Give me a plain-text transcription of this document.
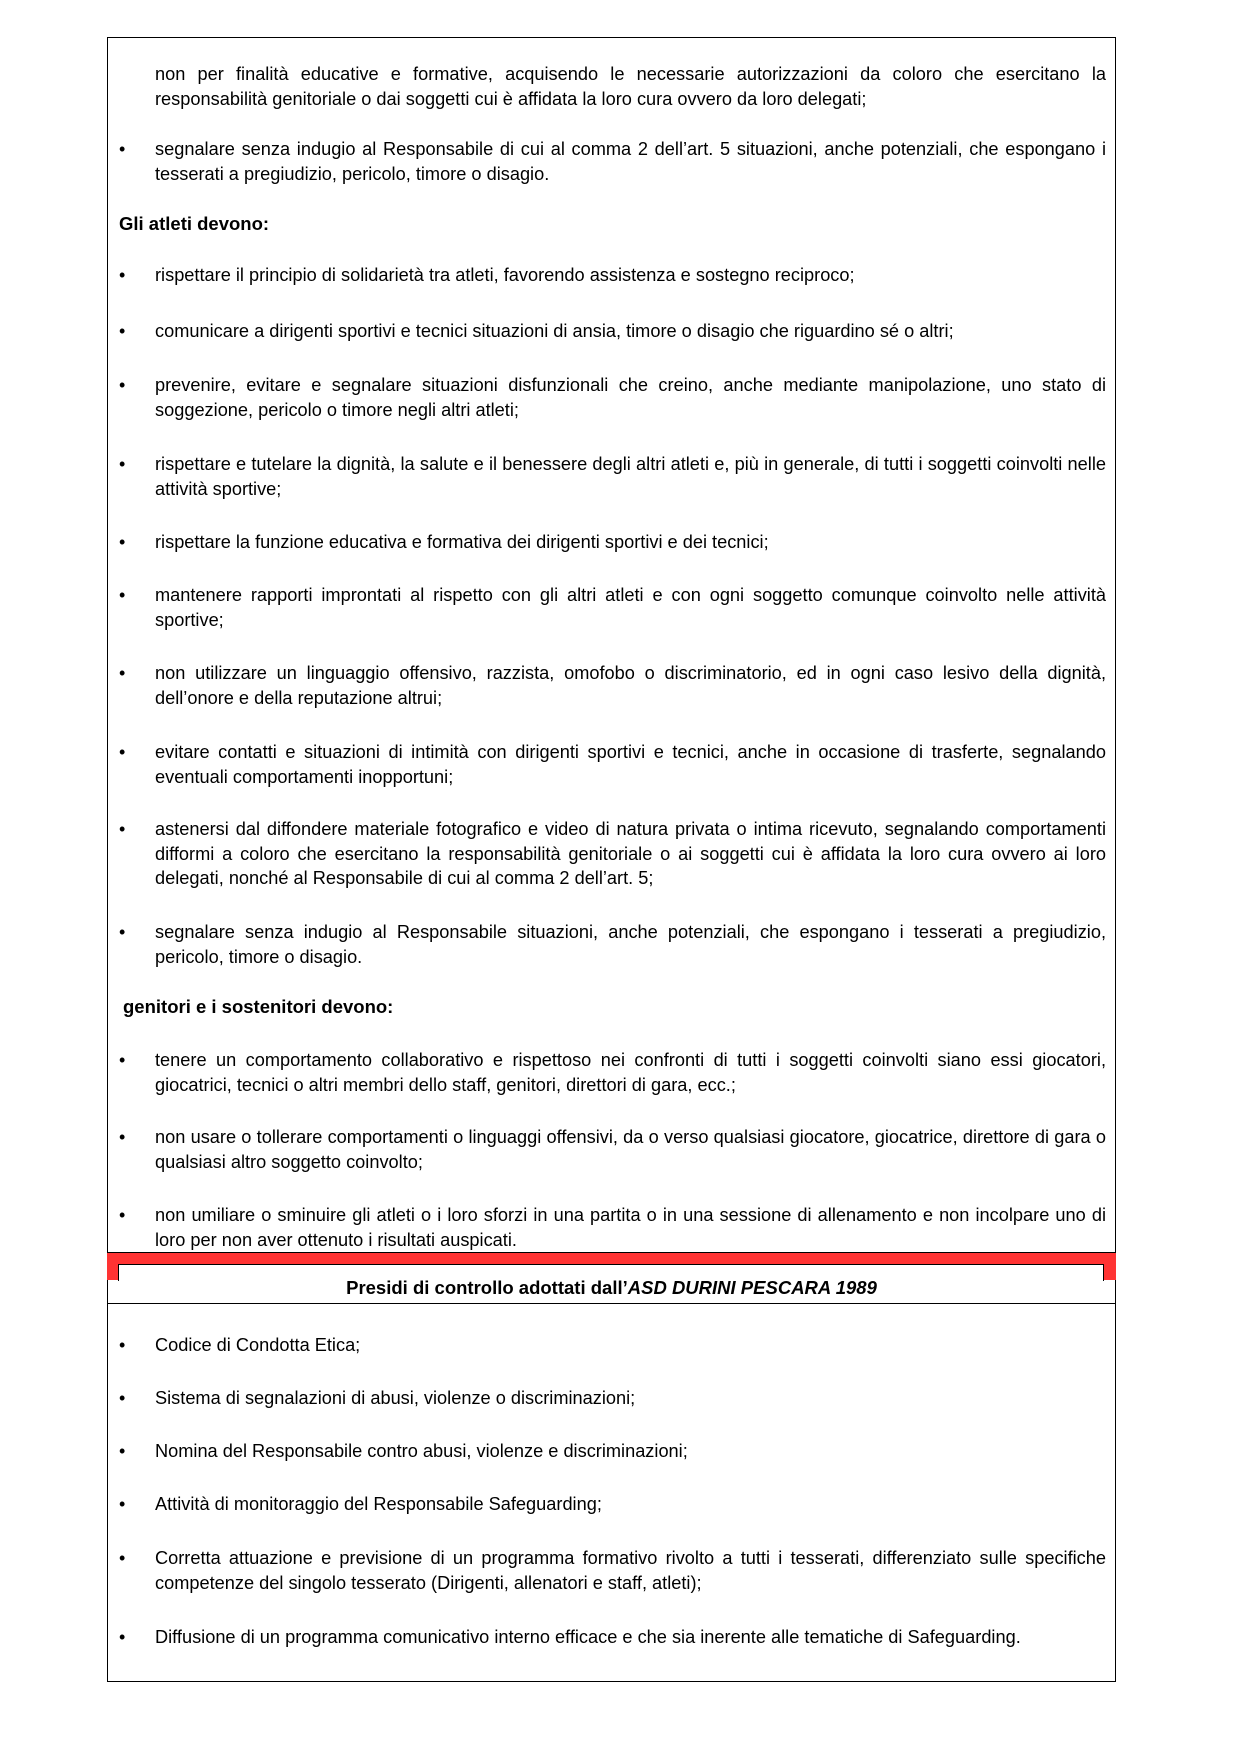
non per finalità educative e formative, acquisendo le necessarie autorizzazioni da coloro che esercitano la responsabilità genitoriale o dai soggetti cui è affidata la loro cura ovvero da loro delegati;

• segnalare senza indugio al Responsabile di cui al comma 2 dell’art. 5 situazioni, anche potenziali, che espongano i tesserati a pregiudizio, pericolo, timore o disagio.

Gli atleti devono:

• rispettare il principio di solidarietà tra atleti, favorendo assistenza e sostegno reciproco;

• comunicare a dirigenti sportivi e tecnici situazioni di ansia, timore o disagio che riguardino sé o altri;

• prevenire, evitare e segnalare situazioni disfunzionali che creino, anche mediante manipolazione, uno stato di soggezione, pericolo o timore negli altri atleti;

• rispettare e tutelare la dignità, la salute e il benessere degli altri atleti e, più in generale, di tutti i soggetti coinvolti nelle attività sportive;

• rispettare la funzione educativa e formativa dei dirigenti sportivi e dei tecnici;

• mantenere rapporti improntati al rispetto con gli altri atleti e con ogni soggetto comunque coinvolto nelle attività sportive;

• non utilizzare un linguaggio offensivo, razzista, omofobo o discriminatorio, ed in ogni caso lesivo della dignità, dell’onore e della reputazione altrui;

• evitare contatti e situazioni di intimità con dirigenti sportivi e tecnici, anche in occasione di trasferte, segnalando eventuali comportamenti inopportuni;

• astenersi dal diffondere materiale fotografico e video di natura privata o intima ricevuto, segnalando comportamenti difformi a coloro che esercitano la responsabilità genitoriale o ai soggetti cui è affidata la loro cura ovvero ai loro delegati, nonché al Responsabile di cui al comma 2 dell’art. 5;

• segnalare senza indugio al Responsabile situazioni, anche potenziali, che espongano i tesserati a pregiudizio, pericolo, timore o disagio.

genitori e i sostenitori devono:

• tenere un comportamento collaborativo e rispettoso nei confronti di tutti i soggetti coinvolti siano essi giocatori, giocatrici, tecnici o altri membri dello staff, genitori, direttori di gara, ecc.;

• non usare o tollerare comportamenti o linguaggi offensivi, da o verso qualsiasi giocatore, giocatrice, direttore di gara o qualsiasi altro soggetto coinvolto;

• non umiliare o sminuire gli atleti o i loro sforzi in una partita o in una sessione di allenamento e non incolpare uno di loro per non aver ottenuto i risultati auspicati.

Presidi di controllo adottati dall’ASD DURINI PESCARA 1989
• Codice di Condotta Etica;

• Sistema di segnalazioni di abusi, violenze o discriminazioni;

• Nomina del Responsabile contro abusi, violenze e discriminazioni;

• Attività di monitoraggio del Responsabile Safeguarding;

• Corretta attuazione e previsione di un programma formativo rivolto a tutti i tesserati, differenziato sulle specifiche competenze del singolo tesserato (Dirigenti, allenatori e staff, atleti);

• Diffusione di un programma comunicativo interno efficace e che sia inerente alle tematiche di Safeguarding.
